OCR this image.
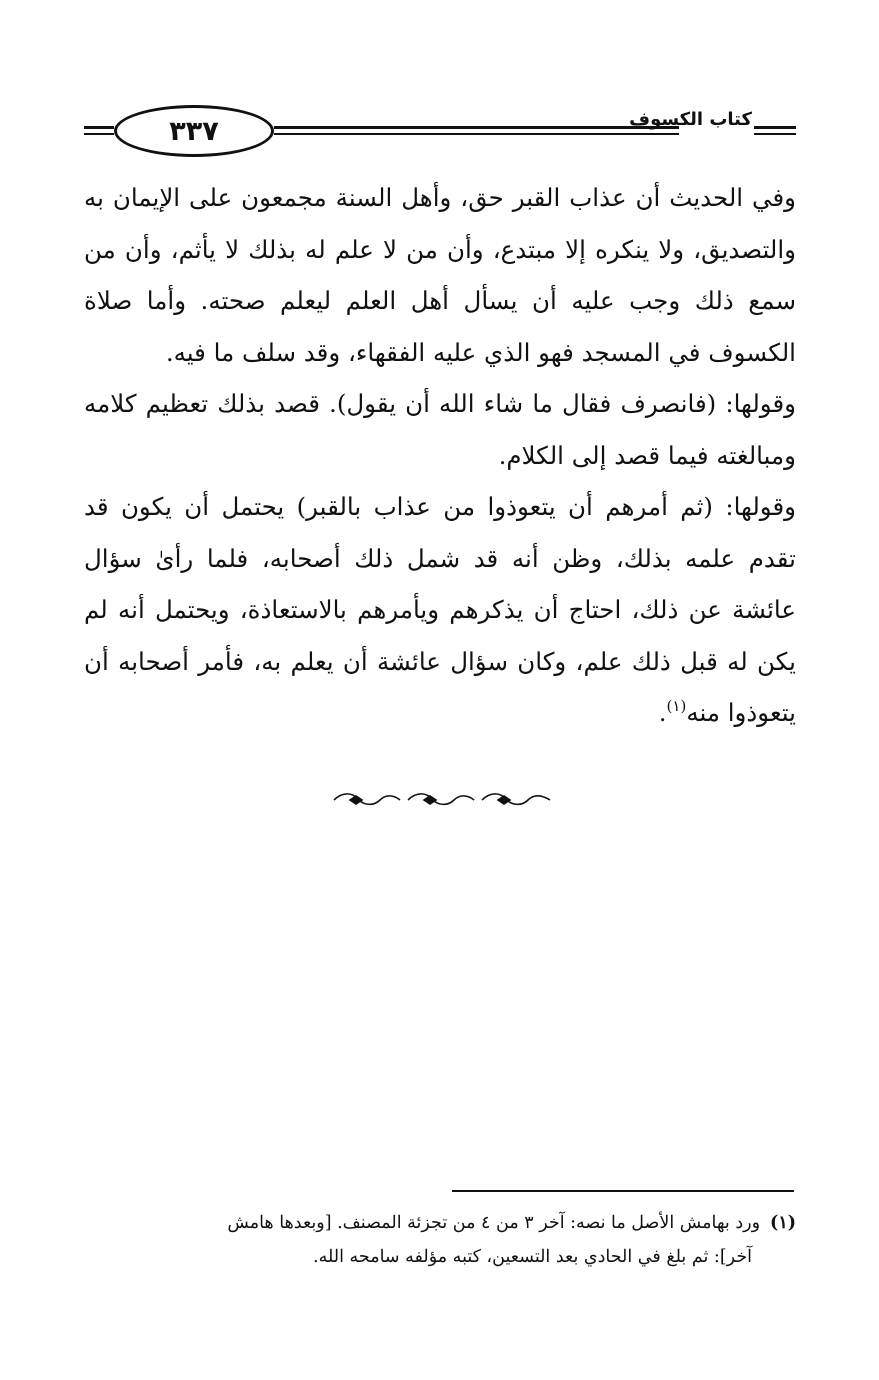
٣٣٧	كتاب الكسوف

وفي الحديث أن عذاب القبر حق، وأهل السنة مجمعون على الإيمان به والتصديق، ولا ينكره إلا مبتدع، وأن من لا علم له بذلك لا يأثم، وأن من سمع ذلك وجب عليه أن يسأل أهل العلم ليعلم صحته. وأما صلاة الكسوف في المسجد فهو الذي عليه الفقهاء، وقد سلف ما فيه.

وقولها: (فانصرف فقال ما شاء الله أن يقول). قصد بذلك تعظيم كلامه ومبالغته فيما قصد إلى الكلام.

وقولها: (ثم أمرهم أن يتعوذوا من عذاب بالقبر) يحتمل أن يكون قد تقدم علمه بذلك، وظن أنه قد شمل ذلك أصحابه، فلما رأىٰ سؤال عائشة عن ذلك، احتاج أن يذكرهم ويأمرهم بالاستعاذة، ويحتمل أنه لم يكن له قبل ذلك علم، وكان سؤال عائشة أن يعلم به، فأمر أصحابه أن يتعوذوا منه$^{(١)}$.

(١)ورد بهامش الأصل ما نصه: آخر ٣ من ٤ من تجزئة المصنف. [وبعدها هامش

آخر]: ثم بلغ في الحادي بعد التسعين، كتبه مؤلفه سامحه الله.
